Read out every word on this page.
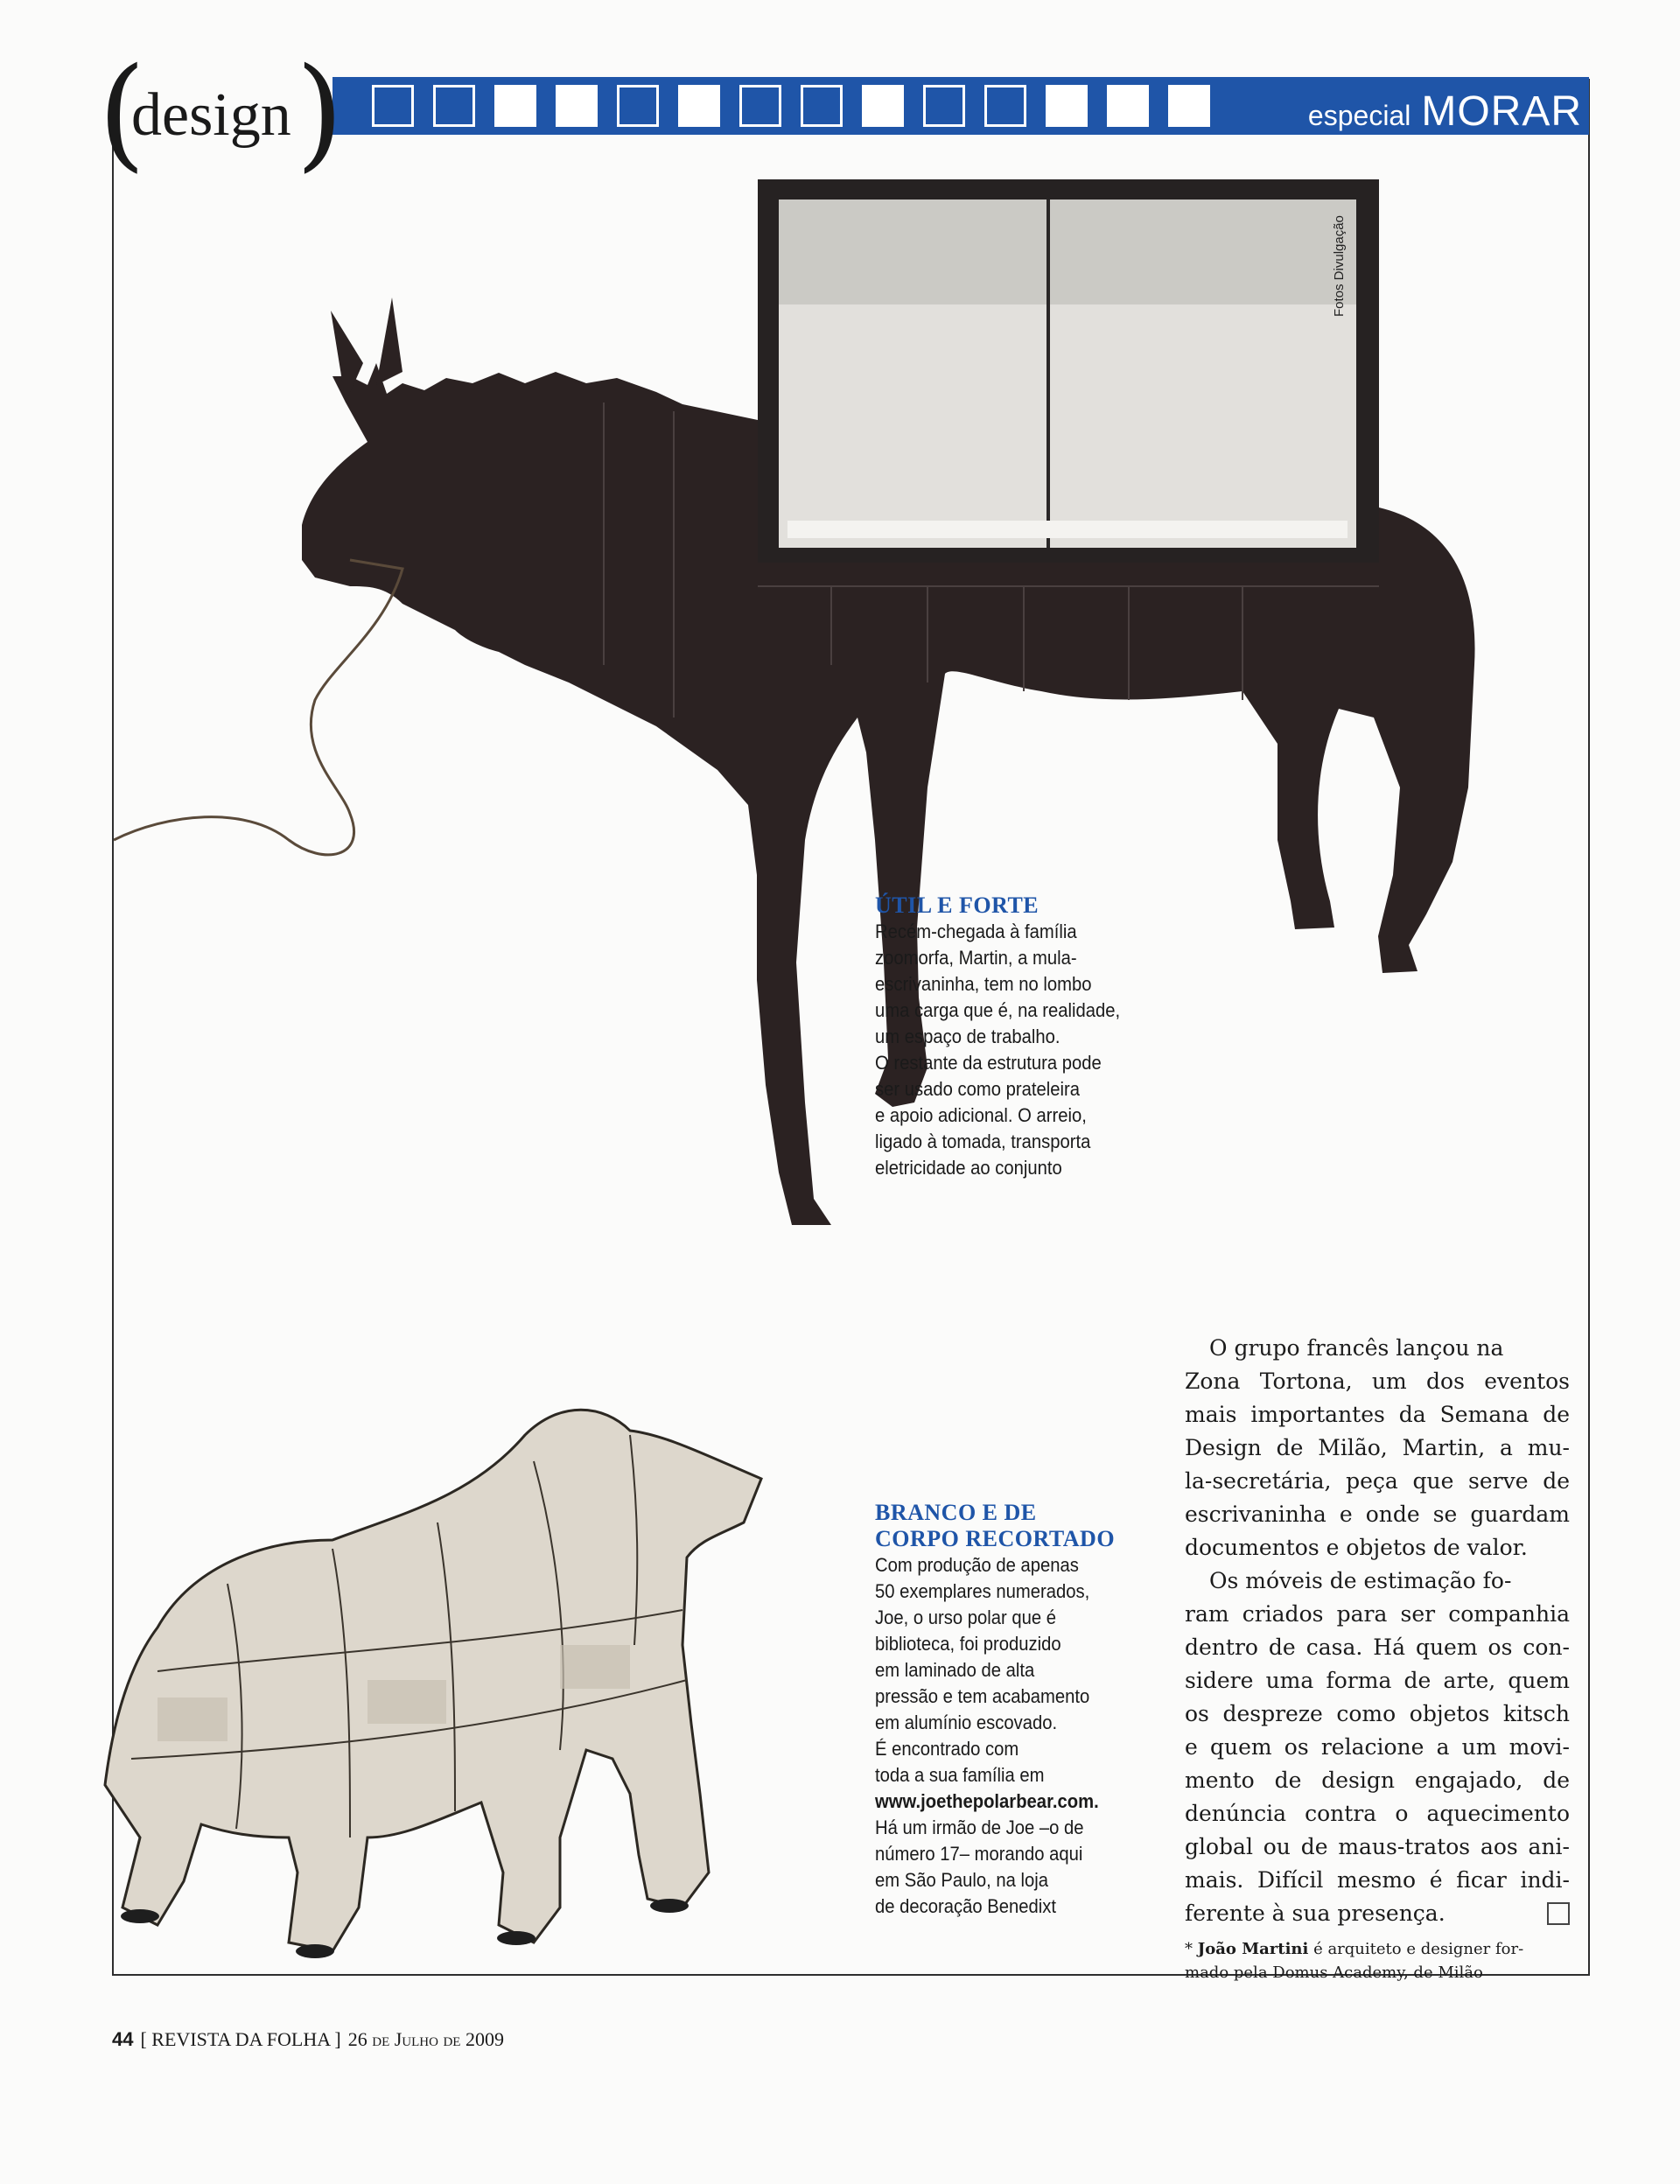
especial MORAR
(
design )
Fotos Divulgação
ÚTIL E FORTE

Recém-chegada à família

zoomorfa, Martin, a mula-

escrivaninha, tem no lombo

uma carga que é, na realidade,

um espaço de trabalho.

O restante da estrutura pode

ser usado como prateleira

e apoio adicional. O arreio,

ligado à tomada, transporta

eletricidade ao conjunto

BRANCO E DE
CORPO RECORTADO

Com produção de apenas

50 exemplares numerados,

Joe, o urso polar que é

biblioteca, foi produzido

em laminado de alta

pressão e tem acabamento

em alumínio escovado.

É encontrado com

toda a sua família em

www.joethepolarbear.com.

Há um irmão de Joe –o de

número 17– morando aqui

em São Paulo, na loja

de decoração Benedixt

O grupo francês lançou na
Zona Tortona, um dos eventos
mais importantes da Semana de
Design de Milão, Martin, a mu-
la-secretária, peça que serve de
escrivaninha e onde se guardam
documentos e objetos de valor.
Os móveis de estimação fo-
ram criados para ser companhia
dentro de casa. Há quem os con-
sidere uma forma de arte, quem
os despreze como objetos kitsch
e quem os relacione a um movi-
mento de design engajado, de
denúncia contra o aquecimento
global ou de maus-tratos aos ani-
mais. Difícil mesmo é ficar indi-
ferente à sua presença.
* João Martini é arquiteto e designer for-
mado pela Domus Academy, de Milão
44 [ REVISTA DA FOLHA ] 26 de Julho de 2009
